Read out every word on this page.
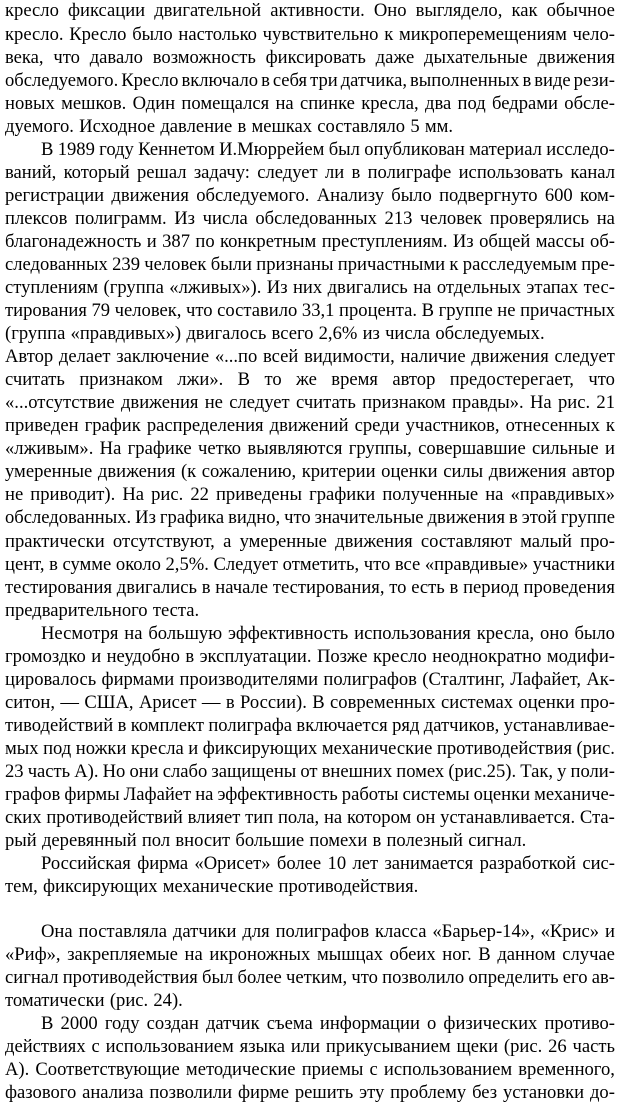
кресло фиксации двигательной активности. Оно выглядело, как обычное
кресло. Кресло было настолько чувствительно к микроперемещениям чело-
века, что давало возможность фиксировать даже дыхательные движения
обследуемого. Кресло включало в себя три датчика, выполненных в виде рези-
новых мешков. Один помещался на спинке кресла, два под бедрами обсле-
дуемого. Исходное давление в мешках составляло 5 мм.
В 1989 году Кеннетом И.Мюррейем был опубликован материал исследо-
ваний, который решал задачу: следует ли в полиграфе использовать канал
регистрации движения обследуемого. Анализу было подвергнуто 600 ком-
плексов полиграмм. Из числа обследованных 213 человек проверялись на
благонадежность и 387 по конкретным преступлениям. Из общей массы об-
следованных 239 человек были признаны причастными к расследуемым пре-
ступлениям (группа «лживых»). Из них двигались на отдельных этапах тес-
тирования 79 человек, что составило 33,1 процента. В группе не причастных
(группа «правдивых») двигалось всего 2,6% из числа обследуемых.
Автор делает заключение «...по всей видимости, наличие движения следует
считать признаком лжи». В то же время автор предостерегает, что
«...отсутствие движения не следует считать признаком правды». На рис. 21
приведен график распределения движений среди участников, отнесенных к
«лживым». На графике четко выявляются группы, совершавшие сильные и
умеренные движения (к сожалению, критерии оценки силы движения автор
не приводит). На рис. 22 приведены графики полученные на «правдивых»
обследованных. Из графика видно, что значительные движения в этой группе
практически отсутствуют, а умеренные движения составляют малый про-
цент, в сумме около 2,5%. Следует отметить, что все «правдивые» участники
тестирования двигались в начале тестирования, то есть в период проведения
предварительного теста.
Несмотря на большую эффективность использования кресла, оно было
громоздко и неудобно в эксплуатации. Позже кресло неоднократно модифи-
цировалось фирмами производителями полиграфов (Сталтинг, Лафайет, Ак-
ситон, — США, Арисет — в России). В современных системах оценки про-
тиводействий в комплект полиграфа включается ряд датчиков, устанавливае-
мых под ножки кресла и фиксирующих механические противодействия (рис.
23 часть А). Но они слабо защищены от внешних помех (рис.25). Так, у поли-
графов фирмы Лафайет на эффективность работы системы оценки механиче-
ских противодействий влияет тип пола, на котором он устанавливается. Ста-
рый деревянный пол вносит большие помехи в полезный сигнал.
Российская фирма «Орисет» более 10 лет занимается разработкой сис-
тем, фиксирующих механические противодействия.
Она поставляла датчики для полиграфов класса «Барьер-14», «Крис» и
«Риф», закрепляемые на икроножных мышцах обеих ног. В данном случае
сигнал противодействия был более четким, что позволило определить его ав-
томатически (рис. 24).
В 2000 году создан датчик съема информации о физических противо-
действиях с использованием языка или прикусыванием щеки (рис. 26 часть
А). Соответствующие методические приемы с использованием временного,
фазового анализа позволили фирме решить эту проблему без установки до-
